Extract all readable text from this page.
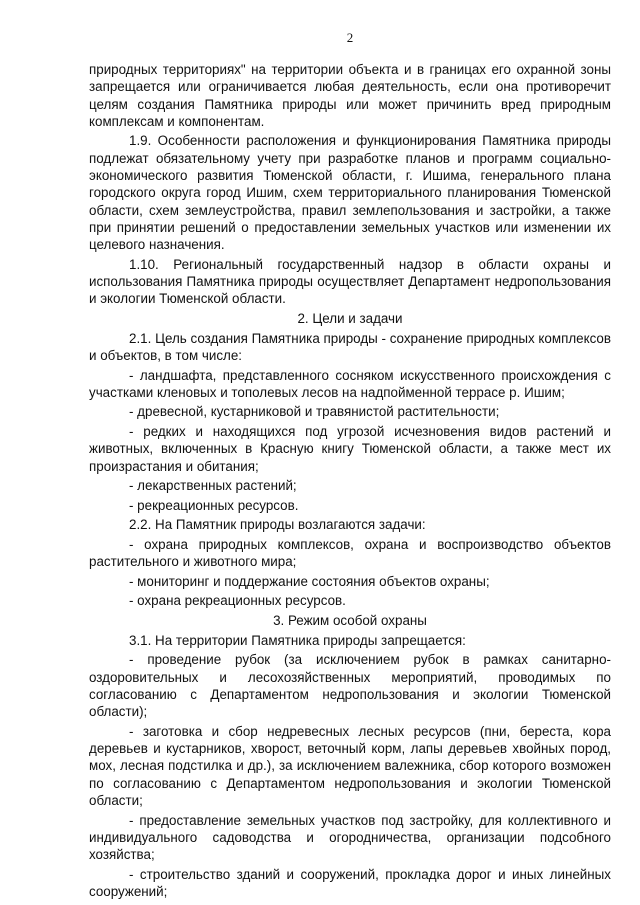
2

природных территориях" на территории объекта и в границах его охранной зоны запрещается или ограничивается любая деятельность, если она противоречит целям создания Памятника природы или может причинить вред природным комплексам и компонентам.

1.9. Особенности расположения и функционирования Памятника природы подлежат обязательному учету при разработке планов и программ социально-экономического развития Тюменской области, г. Ишима, генерального плана городского округа город Ишим, схем территориального планирования Тюменской области, схем землеустройства, правил землепользования и застройки, а также при принятии решений о предоставлении земельных участков или изменении их целевого назначения.

1.10. Региональный государственный надзор в области охраны и использования Памятника природы осуществляет Департамент недропользования и экологии Тюменской области.

2. Цели и задачи

2.1. Цель создания Памятника природы - сохранение природных комплексов и объектов, в том числе:

- ландшафта, представленного сосняком искусственного происхождения с участками кленовых и тополевых лесов на надпойменной террасе р. Ишим;

- древесной, кустарниковой и травянистой растительности;

- редких и находящихся под угрозой исчезновения видов растений и животных, включенных в Красную книгу Тюменской области, а также мест их произрастания и обитания;

- лекарственных растений;

- рекреационных ресурсов.

2.2. На Памятник природы возлагаются задачи:

- охрана природных комплексов, охрана и воспроизводство объектов растительного и животного мира;

- мониторинг и поддержание состояния объектов охраны;

- охрана рекреационных ресурсов.

3. Режим особой охраны

3.1. На территории Памятника природы запрещается:

- проведение рубок (за исключением рубок в рамках санитарно-оздоровительных и лесохозяйственных мероприятий, проводимых по согласованию с Департаментом недропользования и экологии Тюменской области);

- заготовка и сбор недревесных лесных ресурсов (пни, береста, кора деревьев и кустарников, хворост, веточный корм, лапы деревьев хвойных пород, мох, лесная подстилка и др.), за исключением валежника, сбор которого возможен по согласованию с Департаментом недропользования и экологии Тюменской области;

- предоставление земельных участков под застройку, для коллективного и индивидуального садоводства и огородничества, организации подсобного хозяйства;

- строительство зданий и сооружений, прокладка дорог и иных линейных сооружений;
